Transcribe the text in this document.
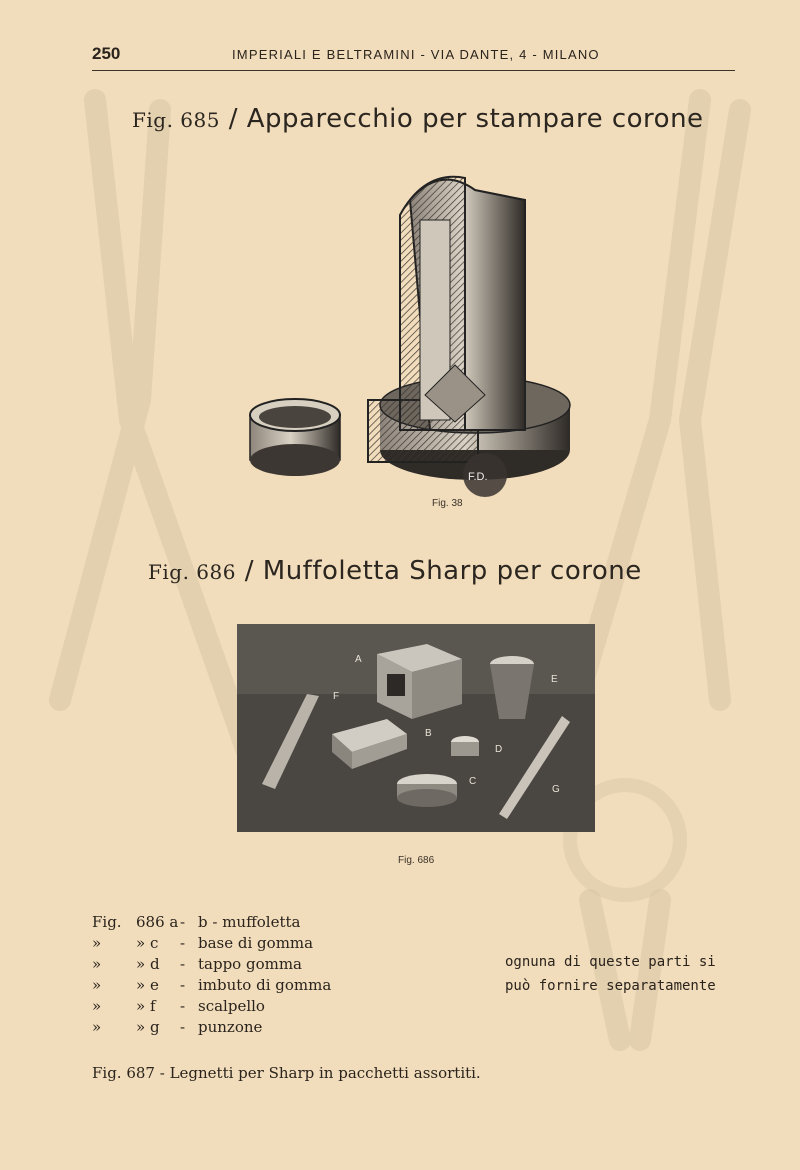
250	IMPERIALI E BELTRAMINI - VIA DANTE, 4 - MILANO
Fig. 685 / Apparecchio per stampare corone
F.D.
Fig. 38
Fig. 686 / Muffoletta Sharp per corone
A
B
C
D
E
F
G
Fig. 686
Fig. 686 a - b - muffoletta
» » c - base di gomma
» » d - tappo gomma
» » e - imbuto di gomma
» » f - scalpello
» » g - punzone
ognuna di queste parti si
può fornire separatamente
Fig. 687 - Legnetti per Sharp in pacchetti assortiti.
